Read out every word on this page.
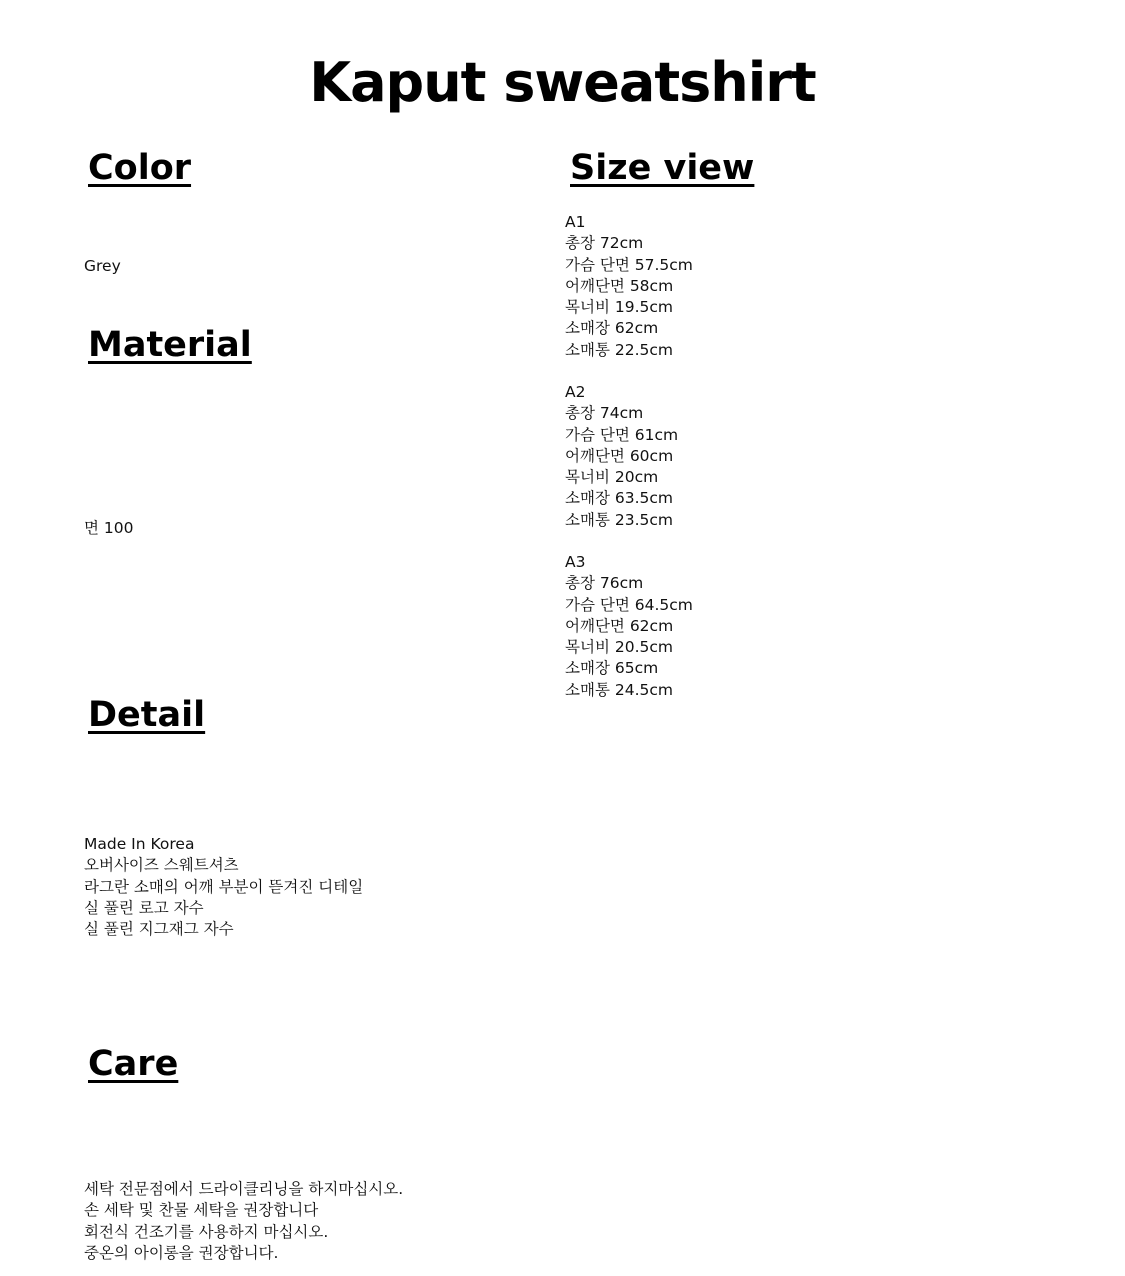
Kaput sweatshirt
Color
Grey
Material
면 100
Detail
Made In Korea
오버사이즈 스웨트셔츠
라그란 소매의 어깨 부분이 뜯겨진 디테일
실 풀린 로고 자수
실 풀린 지그재그 자수
Care
세탁 전문점에서 드라이클리닝을 하지마십시오.
손 세탁 및 찬물 세탁을 권장합니다
회전식 건조기를 사용하지 마십시오.
중온의 아이롱을 권장합니다.
Size view
A1
총장 72cm
가슴 단면 57.5cm
어깨단면 58cm
목너비 19.5cm
소매장 62cm
소매통 22.5cm
A2
총장 74cm
가슴 단면 61cm
어깨단면 60cm
목너비 20cm
소매장 63.5cm
소매통 23.5cm
A3
총장 76cm
가슴 단면 64.5cm
어깨단면 62cm
목너비 20.5cm
소매장 65cm
소매통 24.5cm
